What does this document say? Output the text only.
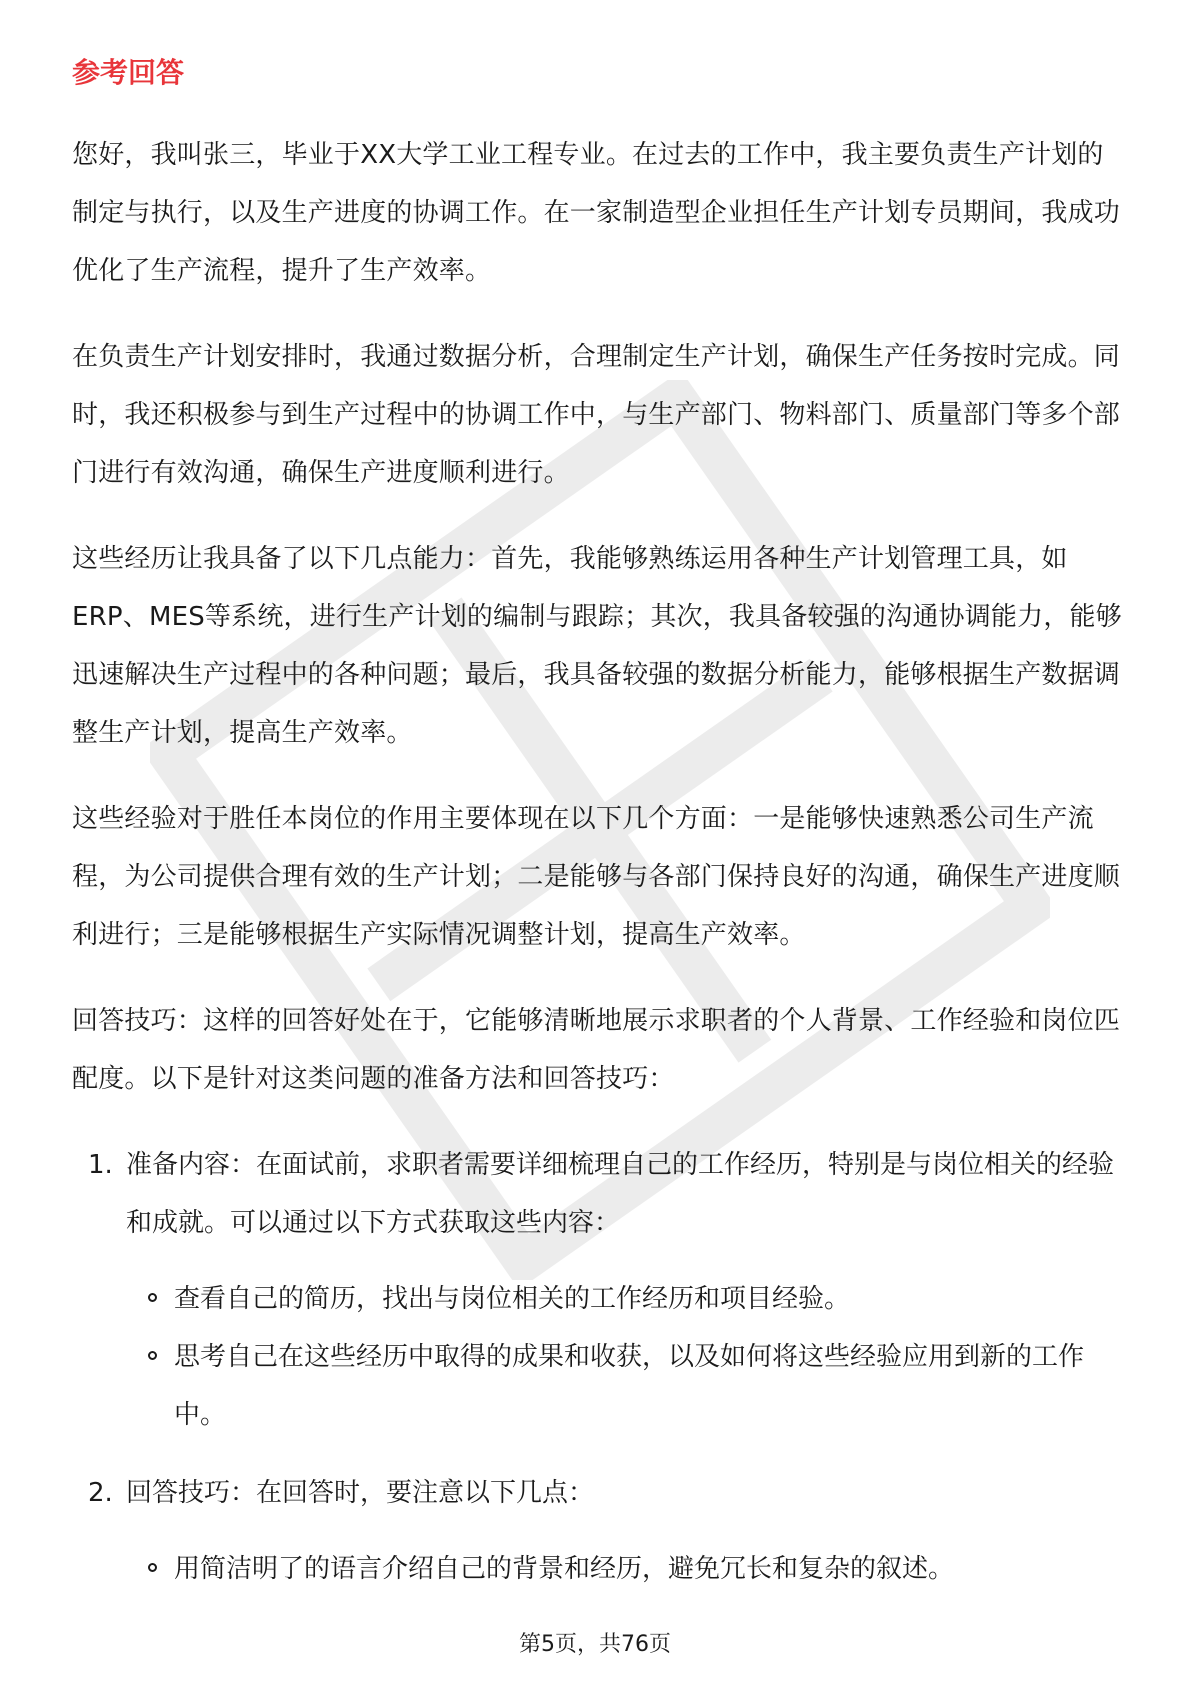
参考回答

您好，我叫张三，毕业于XX大学工业工程专业。在过去的工作中，我主要负责生产计划的制定与执行，以及生产进度的协调工作。在一家制造型企业担任生产计划专员期间，我成功优化了生产流程，提升了生产效率。

在负责生产计划安排时，我通过数据分析，合理制定生产计划，确保生产任务按时完成。同时，我还积极参与到生产过程中的协调工作中，与生产部门、物料部门、质量部门等多个部门进行有效沟通，确保生产进度顺利进行。

这些经历让我具备了以下几点能力：首先，我能够熟练运用各种生产计划管理工具，如ERP、MES等系统，进行生产计划的编制与跟踪；其次，我具备较强的沟通协调能力，能够迅速解决生产过程中的各种问题；最后，我具备较强的数据分析能力，能够根据生产数据调整生产计划，提高生产效率。

这些经验对于胜任本岗位的作用主要体现在以下几个方面：一是能够快速熟悉公司生产流程，为公司提供合理有效的生产计划；二是能够与各部门保持良好的沟通，确保生产进度顺利进行；三是能够根据生产实际情况调整计划，提高生产效率。

回答技巧：这样的回答好处在于，它能够清晰地展示求职者的个人背景、工作经验和岗位匹配度。以下是针对这类问题的准备方法和回答技巧：

1. 准备内容：在面试前，求职者需要详细梳理自己的工作经历，特别是与岗位相关的经验和成就。可以通过以下方式获取这些内容：
查看自己的简历，找出与岗位相关的工作经历和项目经验。
思考自己在这些经历中取得的成果和收获，以及如何将这些经验应用到新的工作中。
2. 回答技巧：在回答时，要注意以下几点：
用简洁明了的语言介绍自己的背景和经历，避免冗长和复杂的叙述。
第5页，共76页
